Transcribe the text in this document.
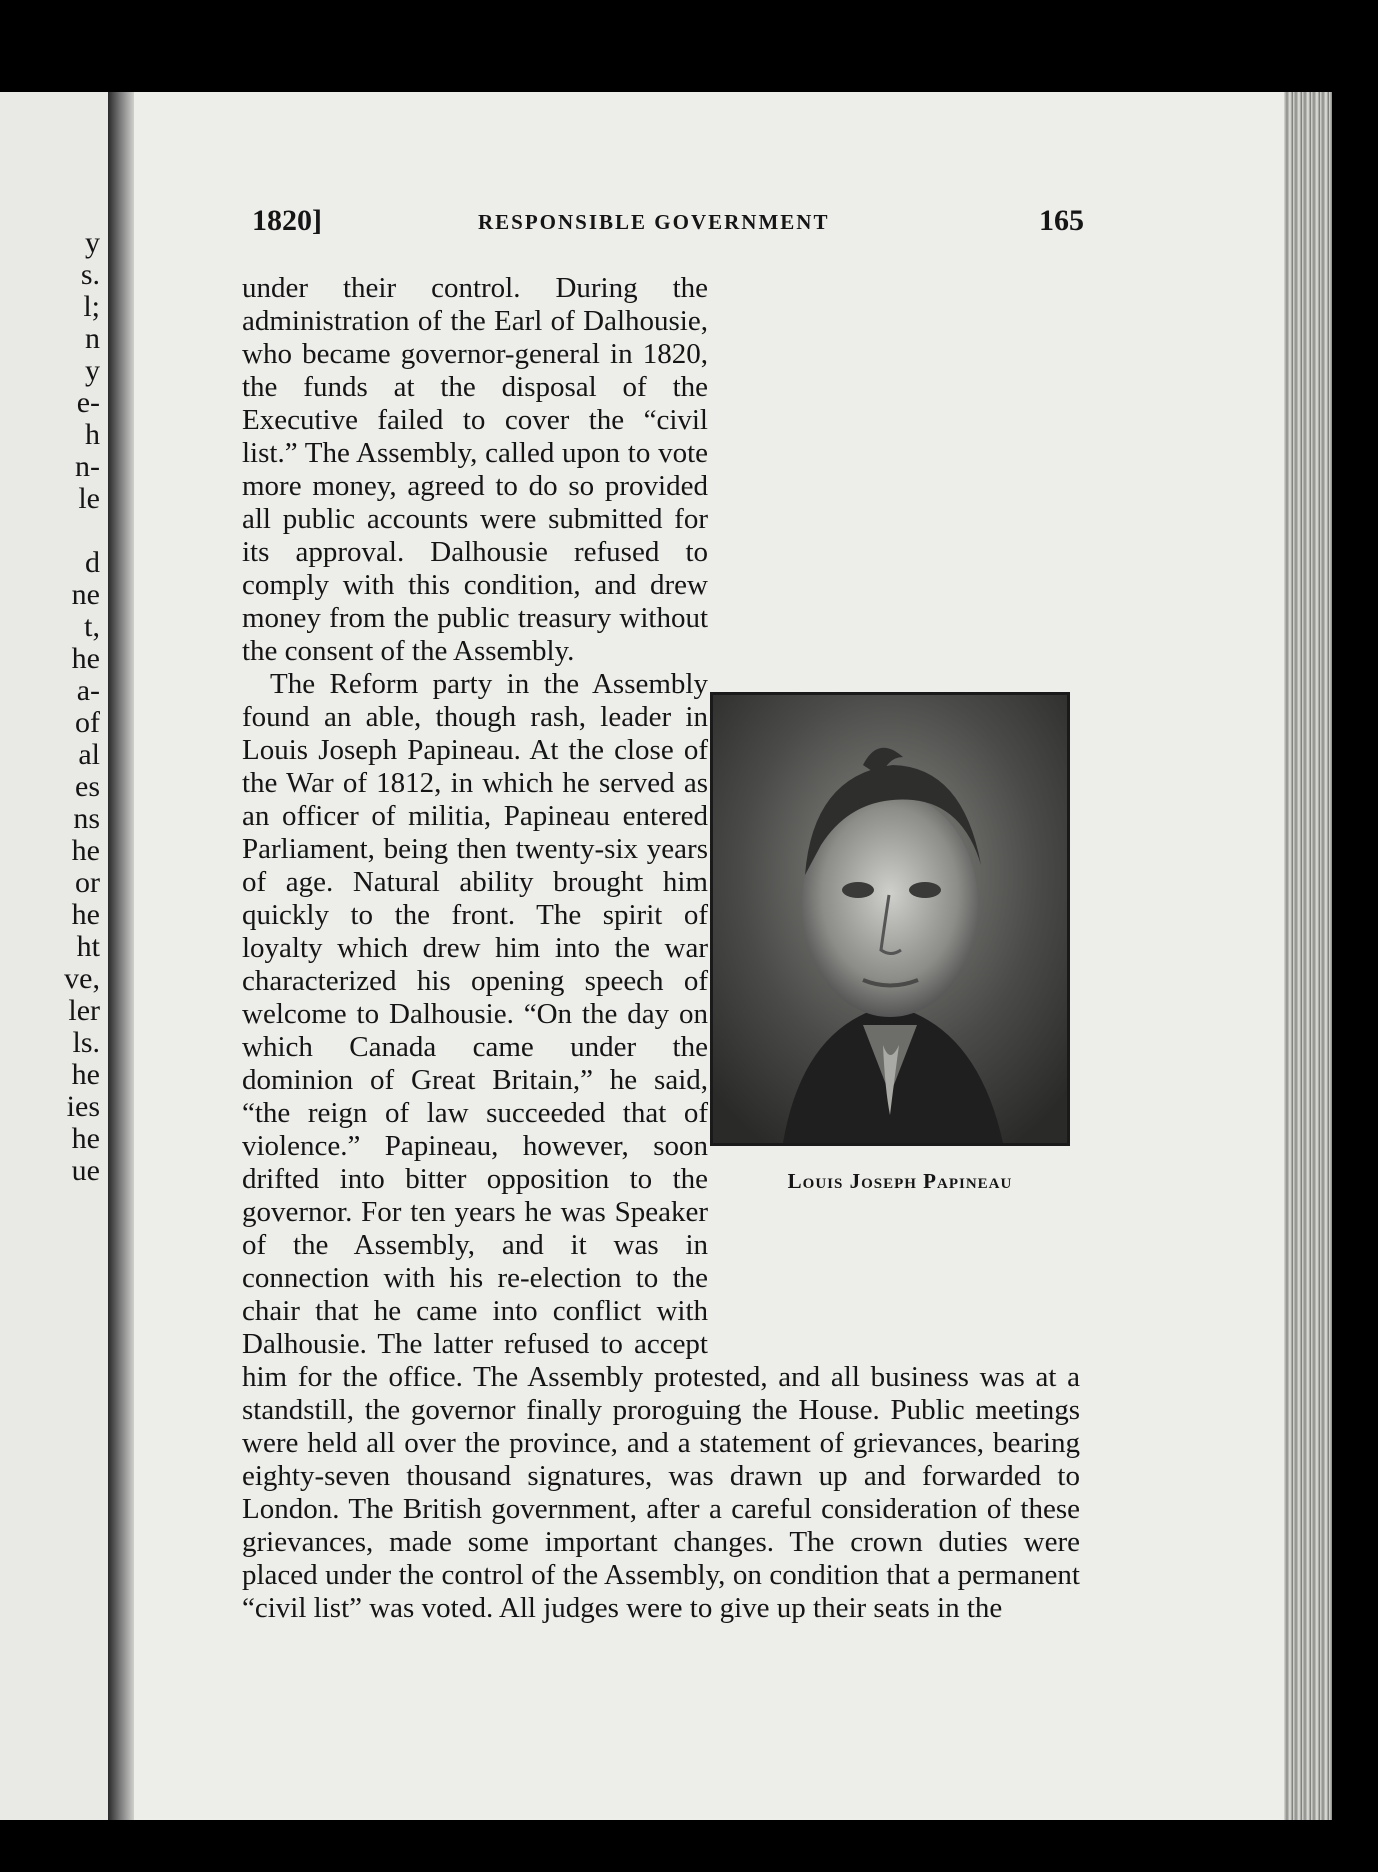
y
s.
l;
n
y
e-
h
n-
le
d
ne
t,
he
a-
of
al
es
ns
he
or
he
ht
ve,
ler
ls.
he
ies
he
ue
1820]	RESPONSIBLE GOVERNMENT	165

under their control. During the administration of the Earl of Dalhousie, who became governor-general in 1820, the funds at the disposal of the Executive failed to cover the “civil list.” The Assembly, called upon to vote more money, agreed to do so provided all public accounts were submitted for its approval. Dalhousie refused to comply with this condition, and drew money from the public treasury without the consent of the Assembly.

The Reform party in the Assembly found an able, though rash, leader in Louis Joseph Papineau. At the close of the War of 1812, in which he served as an officer of militia, Papineau entered Parliament, being then twenty-six years of age. Natural ability brought him quickly to the front. The spirit of loyalty which drew him into the war characterized his opening speech of welcome to Dalhousie. “On the day on which Canada came under the dominion of Great Britain,” he said, “the reign of law succeeded that of violence.” Papineau, however, soon drifted into bitter opposition to the governor. For ten years he was Speaker of the Assembly, and it was in connection with his re-election to the chair that he came into conflict with Dalhousie. The latter refused to accept him for the office. The Assembly protested, and all business was at a standstill, the governor finally proroguing the House. Public meetings were held all over the province, and a statement of grievances, bearing eighty-seven thousand signatures, was drawn up and forwarded to London. The British government, after a careful consideration of these grievances, made some important changes. The crown duties were placed under the control of the Assembly, on condition that a permanent “civil list” was voted. All judges were to give up their seats in the

Louis Joseph Papineau
